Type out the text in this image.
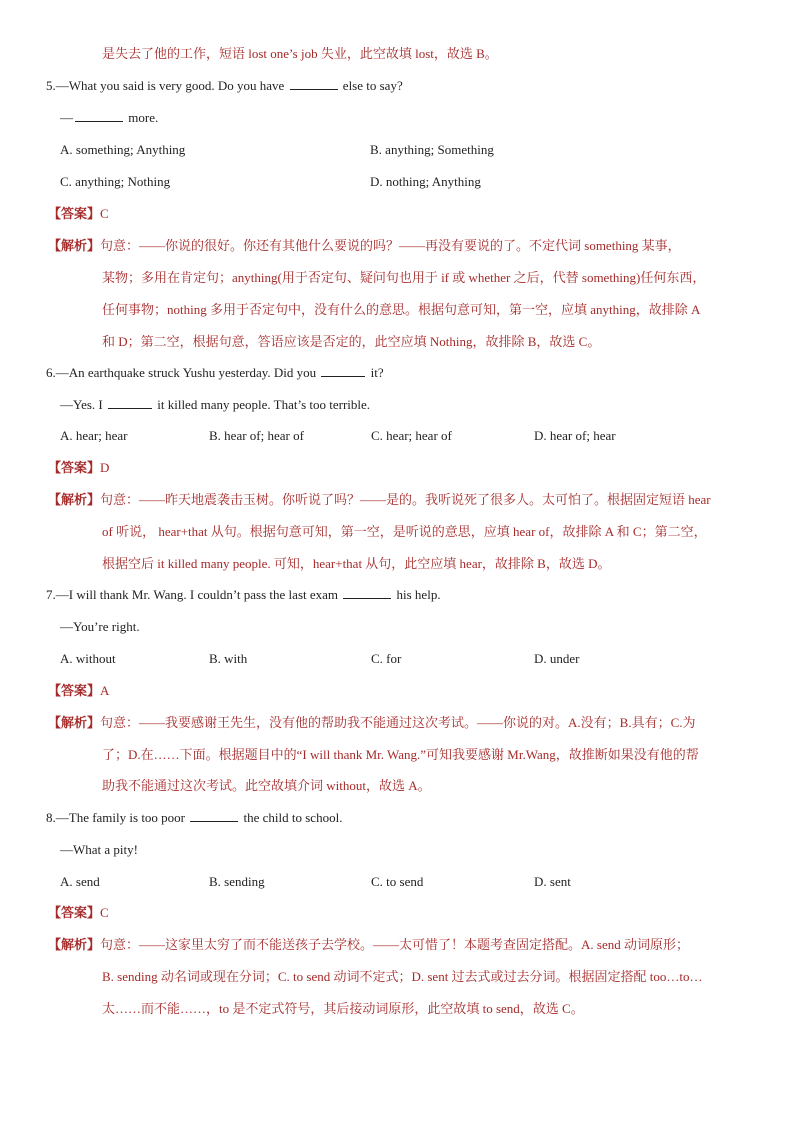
是失去了他的工作，短语 lost one’s job 失业，此空故填 lost，故选 B。
5.—What you said is very good. Do you have	else to say?
—	more.
A. something; Anything	B. anything; Something
C. anything; Nothing	D. nothing; Anything
【答案】C
【解析】句意：——你说的很好。你还有其他什么要说的吗？——再没有要说的了。不定代词 something 某事，
某物；多用在肯定句；anything(用于否定句、疑问句也用于 if 或 whether 之后，代替 something)任何东西，
任何事物；nothing 多用于否定句中，没有什么的意思。根据句意可知，第一空，应填 anything，故排除 A
和 D；第二空，根据句意，答语应该是否定的，此空应填 Nothing，故排除 B，故选 C。
6.—An earthquake struck Yushu yesterday. Did you	it?
—Yes. I	it killed many people. That’s too terrible.
A. hear; hear	B. hear of; hear of	C. hear; hear of	D. hear of; hear
【答案】D
【解析】句意：——昨天地震袭击玉树。你听说了吗？——是的。我听说死了很多人。太可怕了。根据固定短语 hear
of 听说， hear+that 从句。根据句意可知，第一空，是听说的意思，应填 hear of，故排除 A 和 C；第二空，
根据空后 it killed many people. 可知，hear+that 从句，此空应填 hear，故排除 B，故选 D。
7.—I will thank Mr. Wang. I couldn’t pass the last exam	his help.
—You’re right.
A. without	B. with	C. for	D. under
【答案】A
【解析】句意：——我要感谢王先生，没有他的帮助我不能通过这次考试。——你说的对。A.没有；B.具有；C.为
了；D.在……下面。根据题目中的“I will thank Mr. Wang.”可知我要感谢 Mr.Wang，故推断如果没有他的帮
助我不能通过这次考试。此空故填介词 without，故选 A。
8.—The family is too poor	the child to school.
—What a pity!
A. send	B. sending	C. to send	D. sent
【答案】C
【解析】句意：——这家里太穷了而不能送孩子去学校。——太可惜了！本题考查固定搭配。A. send 动词原形；
B. sending 动名词或现在分词；C. to send 动词不定式；D. sent 过去式或过去分词。根据固定搭配 too…to…
太……而不能……，to 是不定式符号，其后接动词原形，此空故填 to send，故选 C。
